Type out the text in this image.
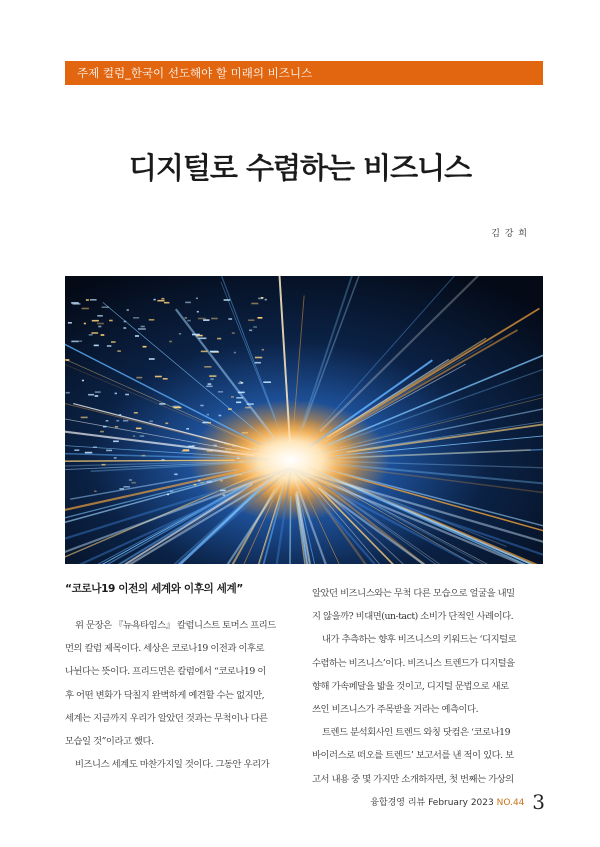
주제 컬럼_한국이 선도해야 할 미래의 비즈니스
디지털로 수렴하는 비즈니스
김 강 희
“코로나19 이전의 세계와 이후의 세계”

위 문장은 『뉴욕타임스』 칼럼니스트 토머스 프리드

먼의 칼럼 제목이다. 세상은 코로나19 이전과 이후로

나뉜다는 뜻이다. 프리드먼은 칼럼에서 “코로나19 이

후 어떤 변화가 닥칠지 완벽하게 예견할 수는 없지만,

세계는 지금까지 우리가 알았던 것과는 무척이나 다른

모습일 것”이라고 했다.

비즈니스 세계도 마찬가지일 것이다. 그동안 우리가

알았던 비즈니스와는 무척 다른 모습으로 얼굴을 내밀

지 않을까? 비대면(un-tact) 소비가 단적인 사례이다.

내가 추측하는 향후 비즈니스의 키워드는 ‘디지털로

수렴하는 비즈니스’이다. 비즈니스 트렌드가 디지털을

향해 가속페달을 밟을 것이고, 디지털 문법으로 새로

쓰인 비즈니스가 주목받을 거라는 예측이다.

트렌드 분석회사인 트렌드 와칭 닷컴은 ‘코로나19

바이러스로 떠오를 트렌드’ 보고서를 낸 적이 있다. 보

고서 내용 중 몇 가지만 소개하자면, 첫 번째는 가상의

융합경영 리뷰 February 2023 NO.44 3
